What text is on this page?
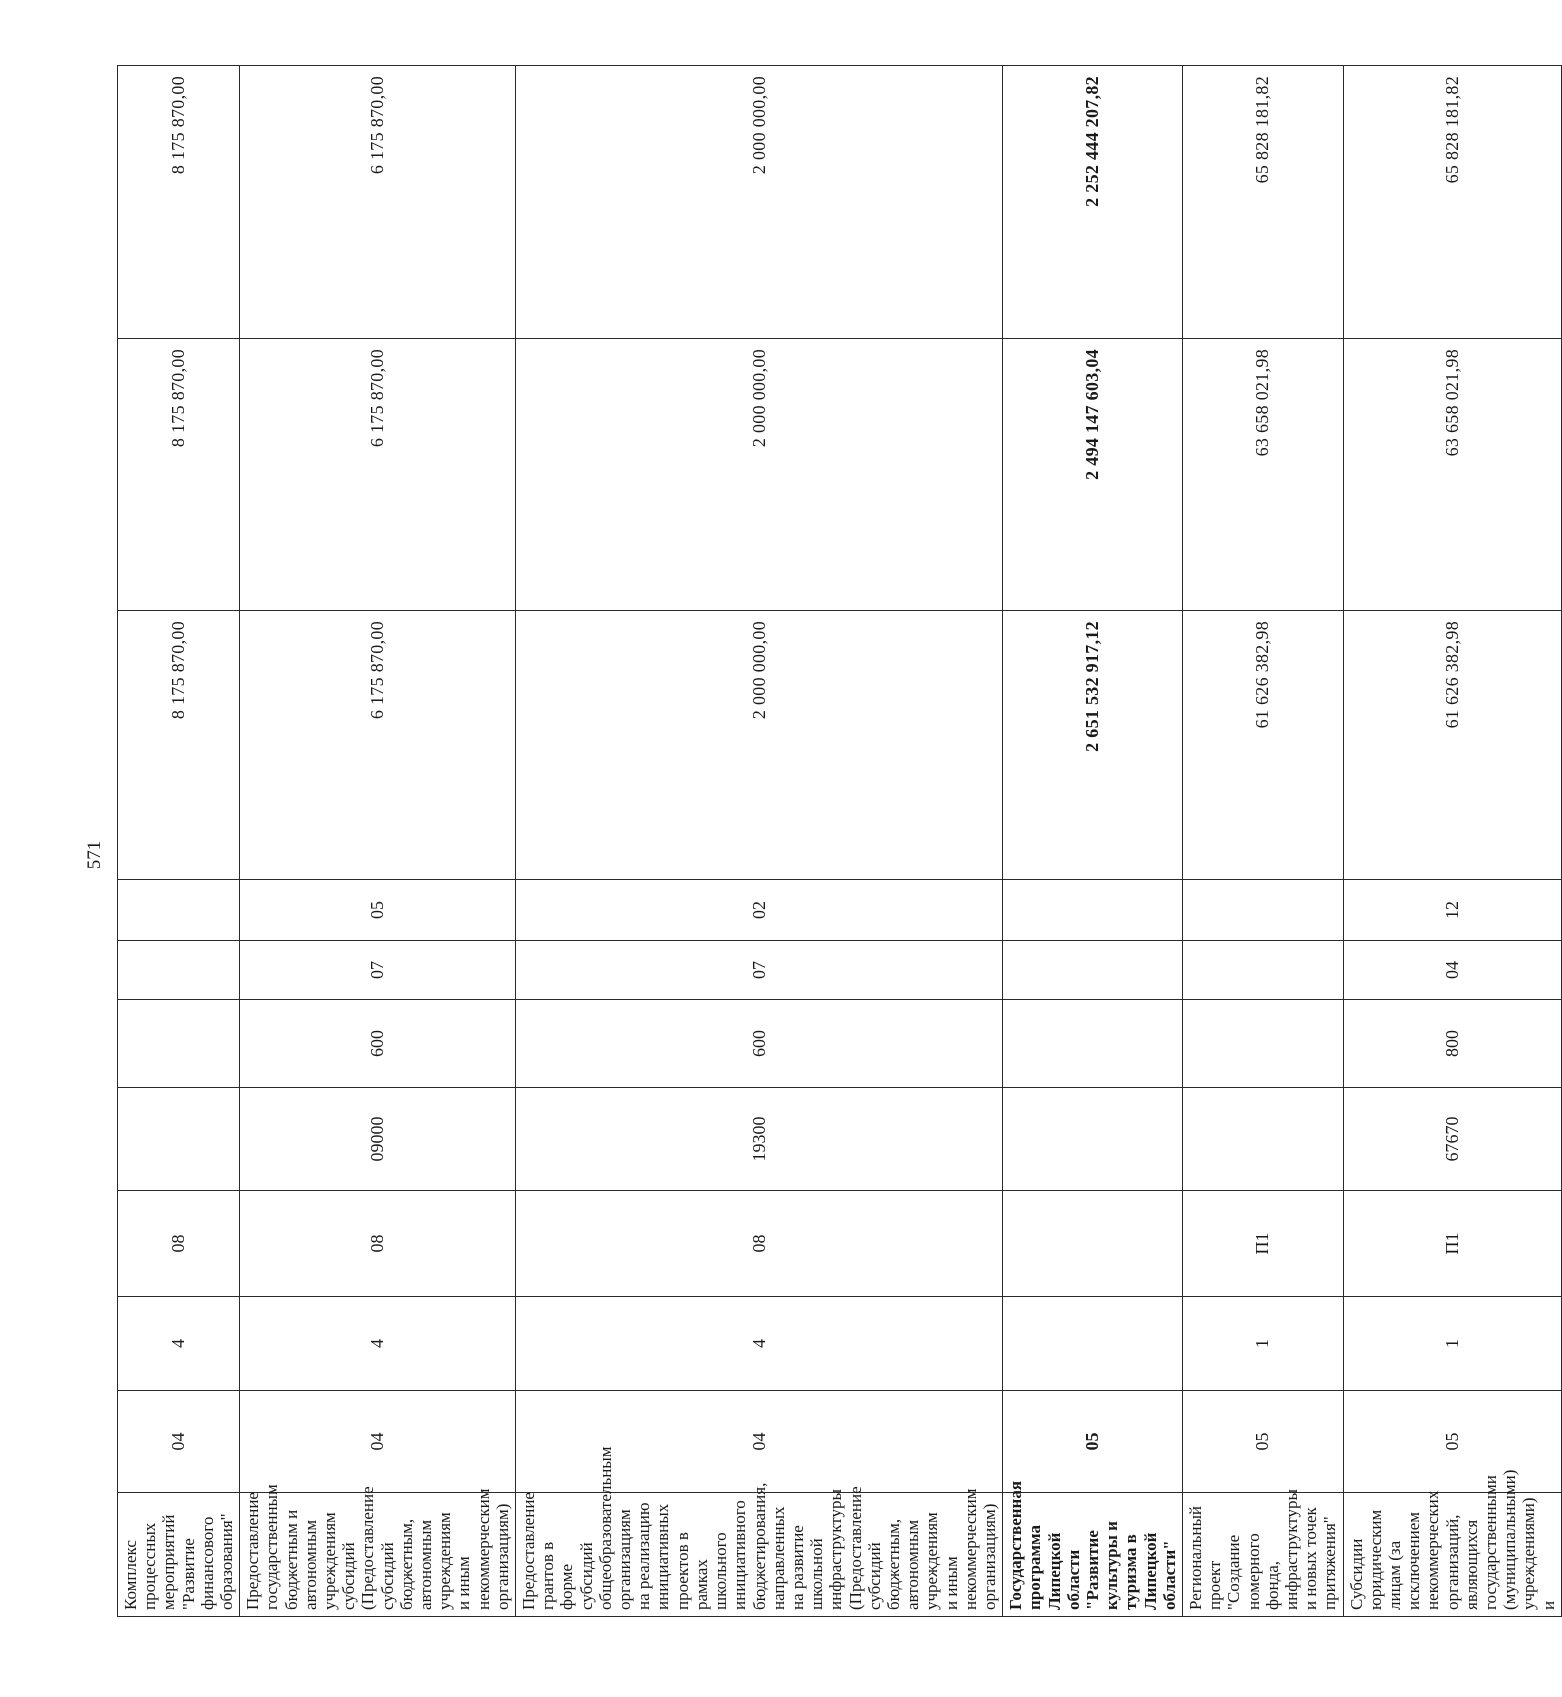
571
Комплекс процессных мероприятий "Развитие финансового образования"	04	4	08					8 175 870,00	8 175 870,00	8 175 870,00
Предоставление государственным бюджетным и автономным учреждениям субсидий (Предоставление субсидий бюджетным, автономным учреждениям и иным некоммерческим организациям)	04	4	08	09000	600	07	05	6 175 870,00	6 175 870,00	6 175 870,00
Предоставление грантов в форме субсидий общеобразовательным организациям на реализацию инициативных проектов в рамках школьного инициативного бюджетирования, направленных на развитие школьной инфраструктуры (Предоставление субсидий бюджетным, автономным учреждениям и иным некоммерческим организациям)	04	4	08	19300	600	07	02	2 000 000,00	2 000 000,00	2 000 000,00
Государственная программа Липецкой области "Развитие культуры и туризма в Липецкой области"	05							2 651 532 917,12	2 494 147 603,04	2 252 444 207,82
Региональный проект "Создание номерного фонда, инфраструктуры и новых точек притяжения"	05	1	П1					61 626 382,98	63 658 021,98	65 828 181,82
Субсидии юридическим лицам (за исключением некоммерческих организаций, являющихся государственными (муниципальными) учреждениями) и	05	1	П1	67670	800	04	12	61 626 382,98	63 658 021,98	65 828 181,82
